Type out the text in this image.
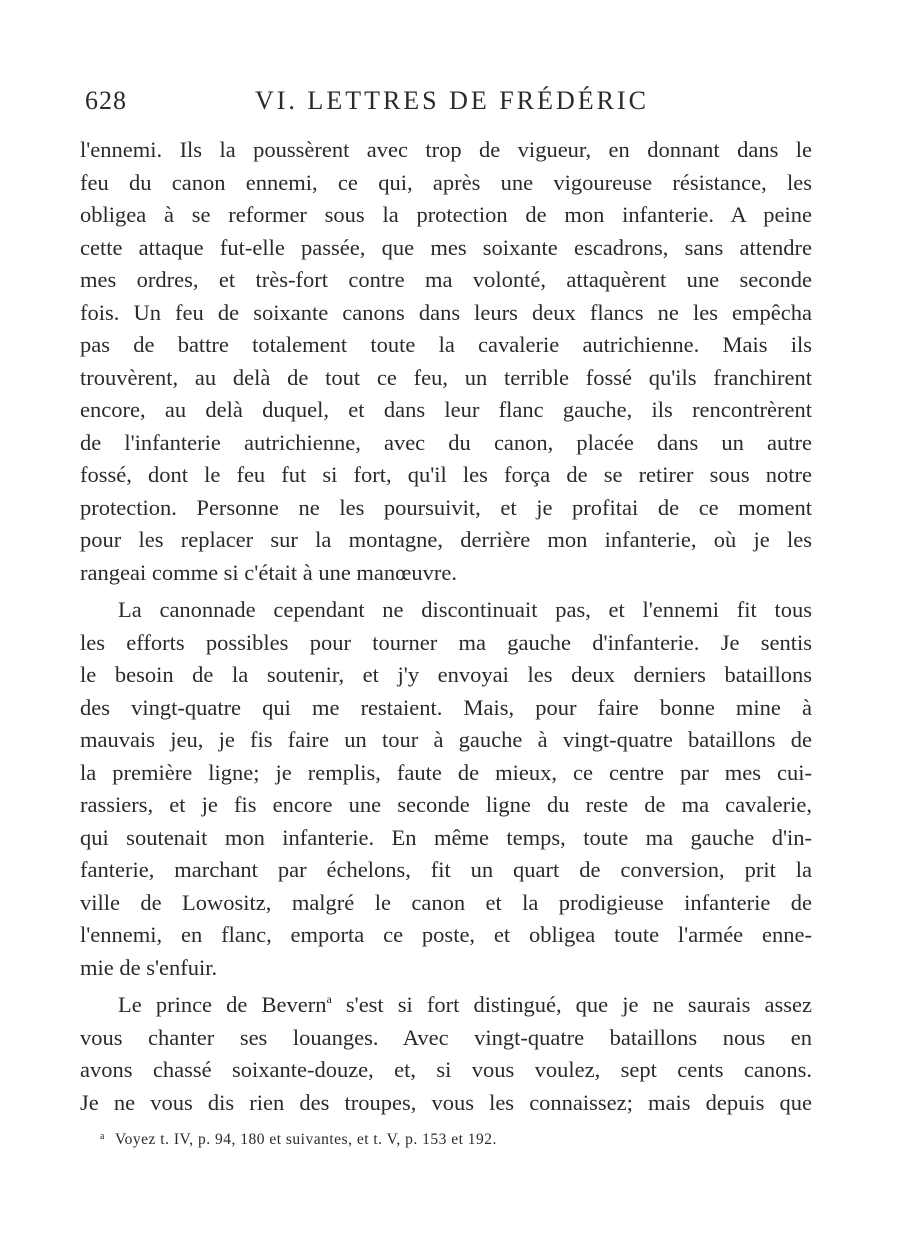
628	VI. LETTRES DE FRÉDÉRIC
l'ennemi. Ils la poussèrent avec trop de vigueur, en donnant dans le
feu du canon ennemi, ce qui, après une vigoureuse résistance, les
obligea à se reformer sous la protection de mon infanterie. A peine
cette attaque fut-elle passée, que mes soixante escadrons, sans attendre
mes ordres, et très-fort contre ma volonté, attaquèrent une seconde
fois. Un feu de soixante canons dans leurs deux flancs ne les empêcha
pas de battre totalement toute la cavalerie autrichienne. Mais ils
trouvèrent, au delà de tout ce feu, un terrible fossé qu'ils franchirent
encore, au delà duquel, et dans leur flanc gauche, ils rencontrèrent
de l'infanterie autrichienne, avec du canon, placée dans un autre
fossé, dont le feu fut si fort, qu'il les força de se retirer sous notre
protection. Personne ne les poursuivit, et je profitai de ce moment
pour les replacer sur la montagne, derrière mon infanterie, où je les
rangeai comme si c'était à une manœuvre.
La canonnade cependant ne discontinuait pas, et l'ennemi fit tous
les efforts possibles pour tourner ma gauche d'infanterie. Je sentis
le besoin de la soutenir, et j'y envoyai les deux derniers bataillons
des vingt-quatre qui me restaient. Mais, pour faire bonne mine à
mauvais jeu, je fis faire un tour à gauche à vingt-quatre bataillons de
la première ligne; je remplis, faute de mieux, ce centre par mes cui-
rassiers, et je fis encore une seconde ligne du reste de ma cavalerie,
qui soutenait mon infanterie. En même temps, toute ma gauche d'in-
fanterie, marchant par échelons, fit un quart de conversion, prit la
ville de Lowositz, malgré le canon et la prodigieuse infanterie de
l'ennemi, en flanc, emporta ce poste, et obligea toute l'armée enne-
mie de s'enfuir.
Le prince de Bevern$^a$ s'est si fort distingué, que je ne saurais assez
vous chanter ses louanges. Avec vingt-quatre bataillons nous en
avons chassé soixante-douze, et, si vous voulez, sept cents canons.
Je ne vous dis rien des troupes, vous les connaissez; mais depuis que
$^a$ Voyez t. IV, p. 94, 180 et suivantes, et t. V, p. 153 et 192.
